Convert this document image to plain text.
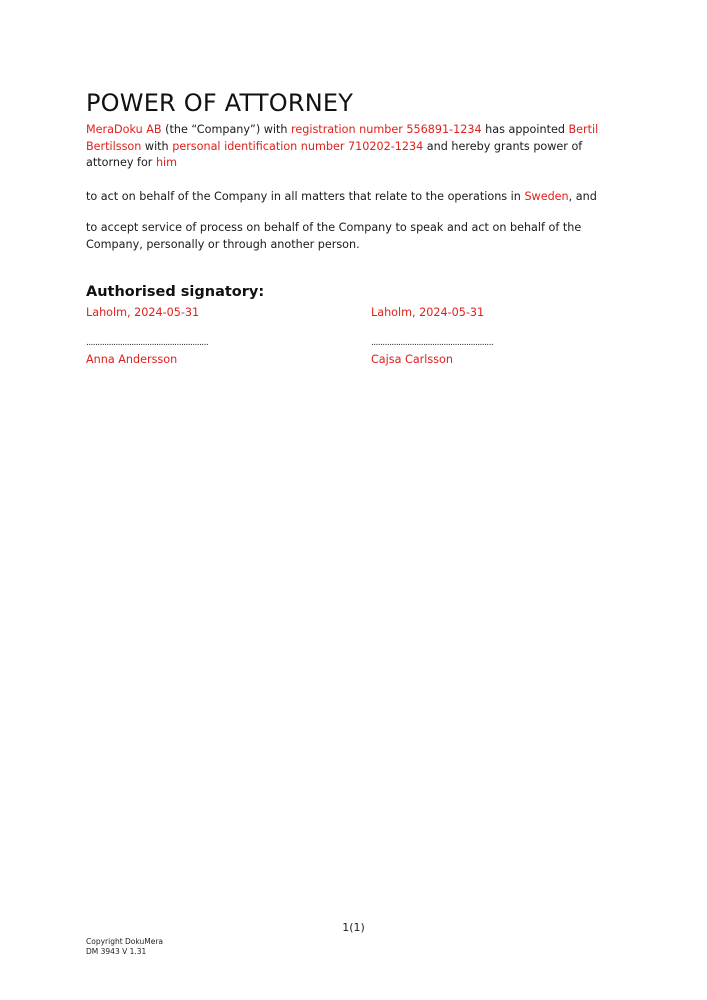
POWER OF ATTORNEY

MeraDoku AB (the “Company”) with registration number 556891-1234 has appointed Bertil Bertilsson with personal identification number 710202-1234 and hereby grants power of attorney for him

to act on behalf of the Company in all matters that relate to the operations in Sweden, and

to accept service of process on behalf of the Company to speak and act on behalf of the Company, personally or through another person.

Authorised signatory:
Laholm, 2024-05-31
......................................................
Anna Andersson
Laholm, 2024-05-31
......................................................
Cajsa Carlsson
1(1)
Copyright DokuMera
DM 3943 V 1.31
